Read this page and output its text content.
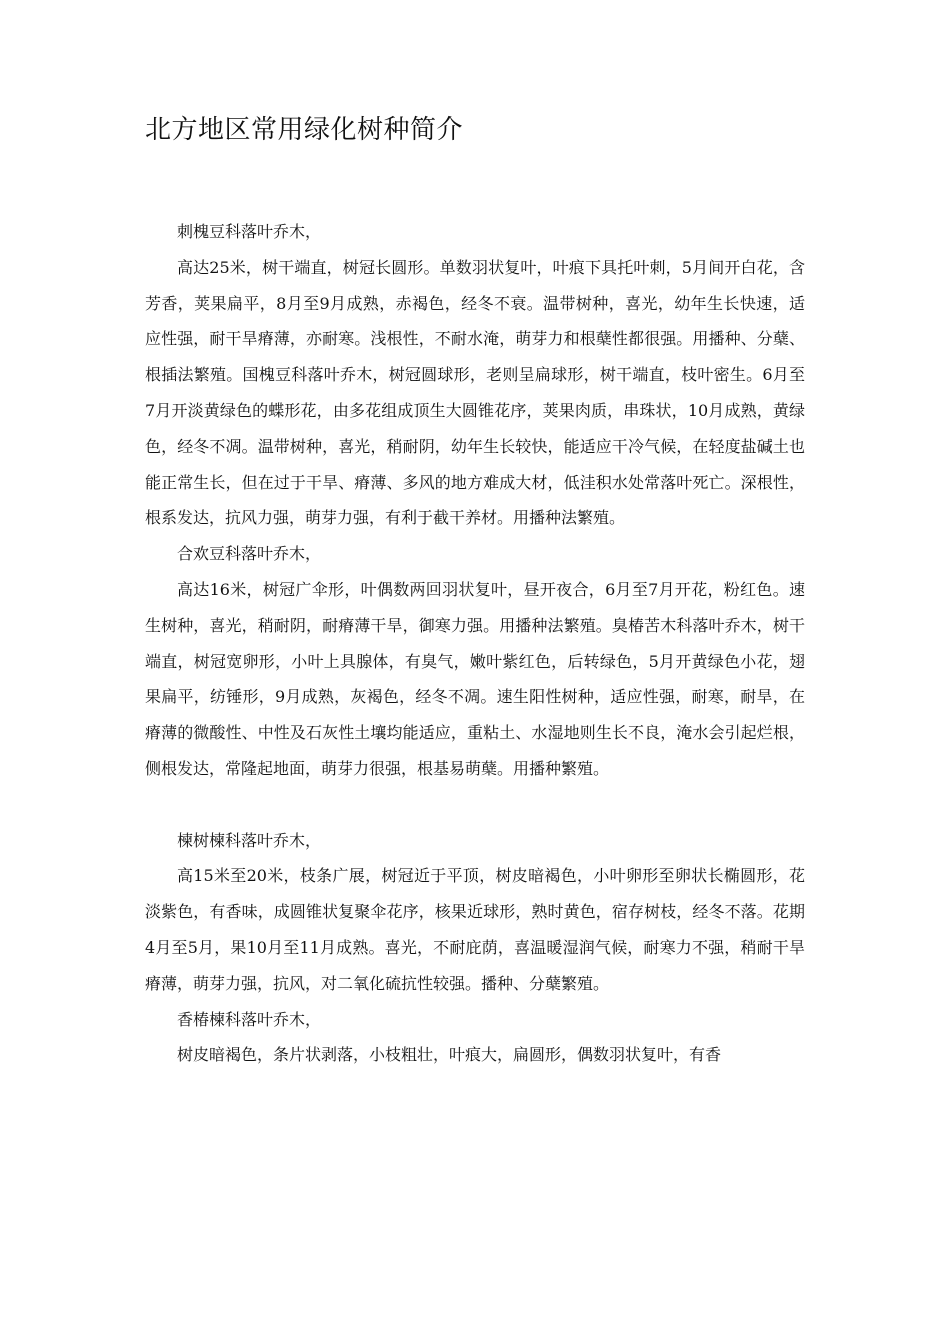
北方地区常用绿化树种简介

刺槐豆科落叶乔木，

高达25米，树干端直，树冠长圆形。单数羽状复叶，叶痕下具托叶刺，5月间开白花，含芳香，荚果扁平，8月至9月成熟，赤褐色，经冬不衰。温带树种，喜光，幼年生长快速，适应性强，耐干旱瘠薄，亦耐寒。浅根性，不耐水淹，萌芽力和根蘖性都很强。用播种、分蘖、根插法繁殖。国槐豆科落叶乔木，树冠圆球形，老则呈扁球形，树干端直，枝叶密生。6月至7月开淡黄绿色的蝶形花，由多花组成顶生大圆锥花序，荚果肉质，串珠状，10月成熟，黄绿色，经冬不凋。温带树种，喜光，稍耐阴，幼年生长较快，能适应干冷气候，在轻度盐碱土也能正常生长，但在过于干旱、瘠薄、多风的地方难成大材，低洼积水处常落叶死亡。深根性，根系发达，抗风力强，萌芽力强，有利于截干养材。用播种法繁殖。

合欢豆科落叶乔木，

高达16米，树冠广伞形，叶偶数两回羽状复叶，昼开夜合，6月至7月开花，粉红色。速生树种，喜光，稍耐阴，耐瘠薄干旱，御寒力强。用播种法繁殖。臭椿苦木科落叶乔木，树干端直，树冠宽卵形，小叶上具腺体，有臭气，嫩叶紫红色，后转绿色，5月开黄绿色小花，翅果扁平，纺锤形，9月成熟，灰褐色，经冬不凋。速生阳性树种，适应性强，耐寒，耐旱，在瘠薄的微酸性、中性及石灰性土壤均能适应，重粘土、水湿地则生长不良，淹水会引起烂根，侧根发达，常隆起地面，萌芽力很强，根基易萌蘖。用播种繁殖。

楝树楝科落叶乔木，

高15米至20米，枝条广展，树冠近于平顶，树皮暗褐色，小叶卵形至卵状长椭圆形，花淡紫色，有香味，成圆锥状复聚伞花序，核果近球形，熟时黄色，宿存树枝，经冬不落。花期4月至5月，果10月至11月成熟。喜光，不耐庇荫，喜温暖湿润气候，耐寒力不强，稍耐干旱瘠薄，萌芽力强，抗风，对二氧化硫抗性较强。播种、分蘖繁殖。

香椿楝科落叶乔木，

树皮暗褐色，条片状剥落，小枝粗壮，叶痕大，扁圆形，偶数羽状复叶，有香
